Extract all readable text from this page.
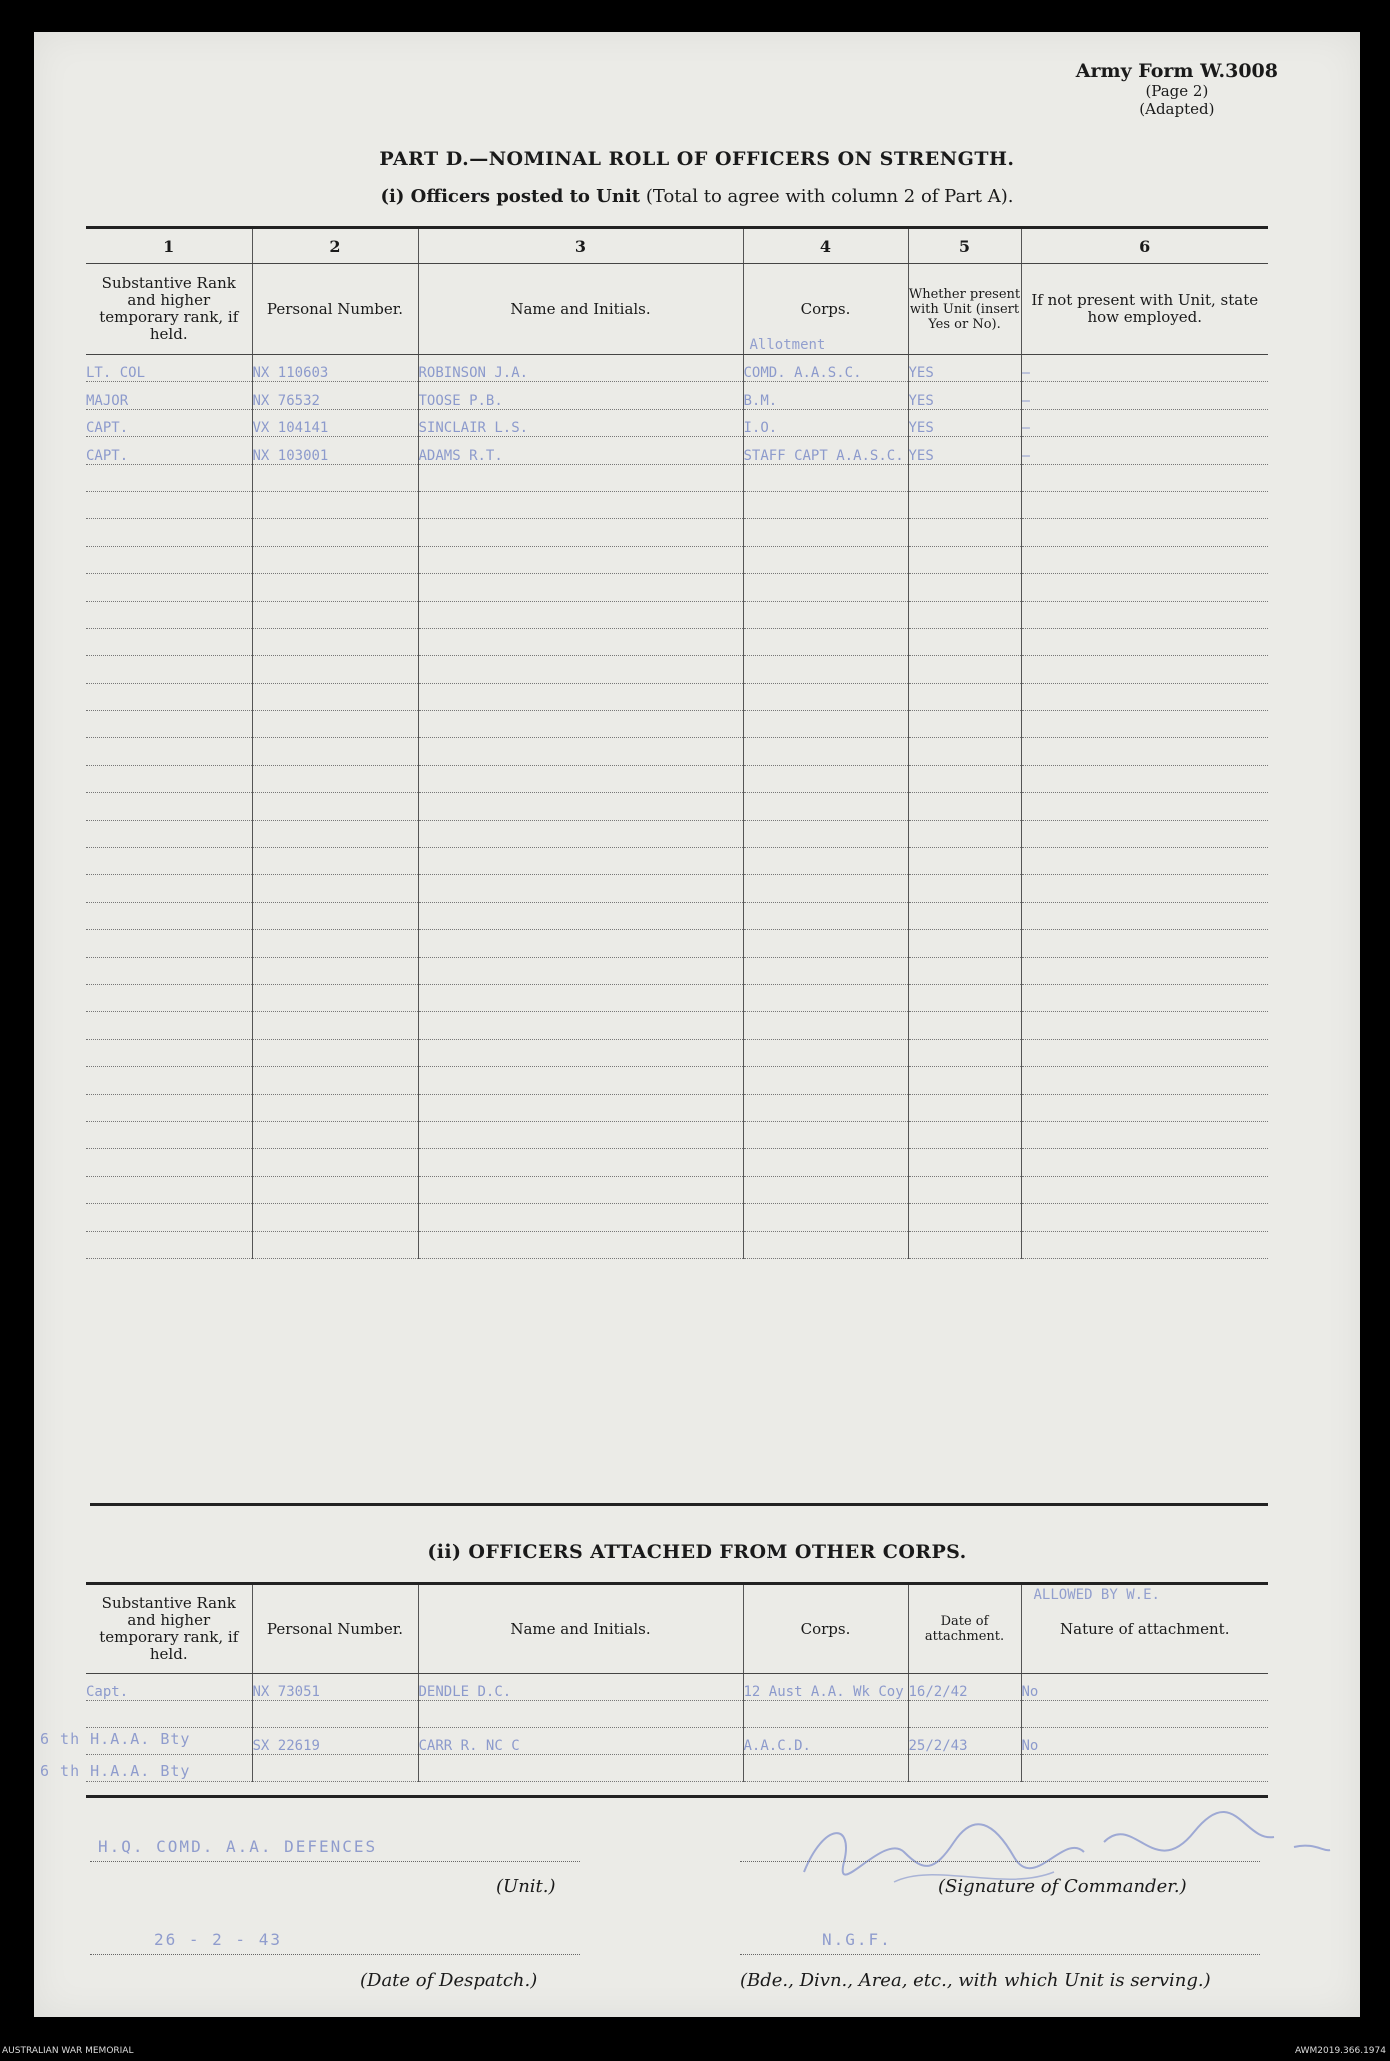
Army Form W.3008
(Page 2)
(Adapted)
PART D.—NOMINAL ROLL OF OFFICERS ON STRENGTH.
(i) Officers posted to Unit (Total to agree with column 2 of Part A).
1	2	3	4	5	6
Substantive Rank and higher temporary rank, if held.	Personal Number.	Name and Initials.	Corps.
Allotment	Whether present with Unit (insert Yes or No).	If not present with Unit, state how employed.
LT. COL	NX 110603	ROBINSON J.A.	COMD. A.A.S.C.	YES	—
MAJOR	NX 76532	TOOSE P.B.	B.M.	YES	—
CAPT.	VX 104141	SINCLAIR L.S.	I.O.	YES	—
CAPT.	NX 103001	ADAMS R.T.	STAFF CAPT A.A.S.C.	YES	—

(ii) OFFICERS ATTACHED FROM OTHER CORPS.
Substantive Rank and higher temporary rank, if held.	Personal Number.	Name and Initials.	Corps.	Date of attachment.	Nature of attachment.
ALLOWED BY W.E.

Capt.	NX 73051	DENDLE D.C.	12 Aust A.A. Wk Coy	16/2/42	No

	SX 22619	CARR R. NC C	A.A.C.D.	25/2/43	No

6 th H.A.A. Bty
6 th H.A.A. Bty
H.Q. COMD. A.A. DEFENCES
(Unit.)	(Signature of Commander.)
26 - 2 - 43
(Date of Despatch.)
N.G.F.
(Bde., Divn., Area, etc., with which Unit is serving.)
AUSTRALIAN WAR MEMORIAL	AWM2019.366.1974
